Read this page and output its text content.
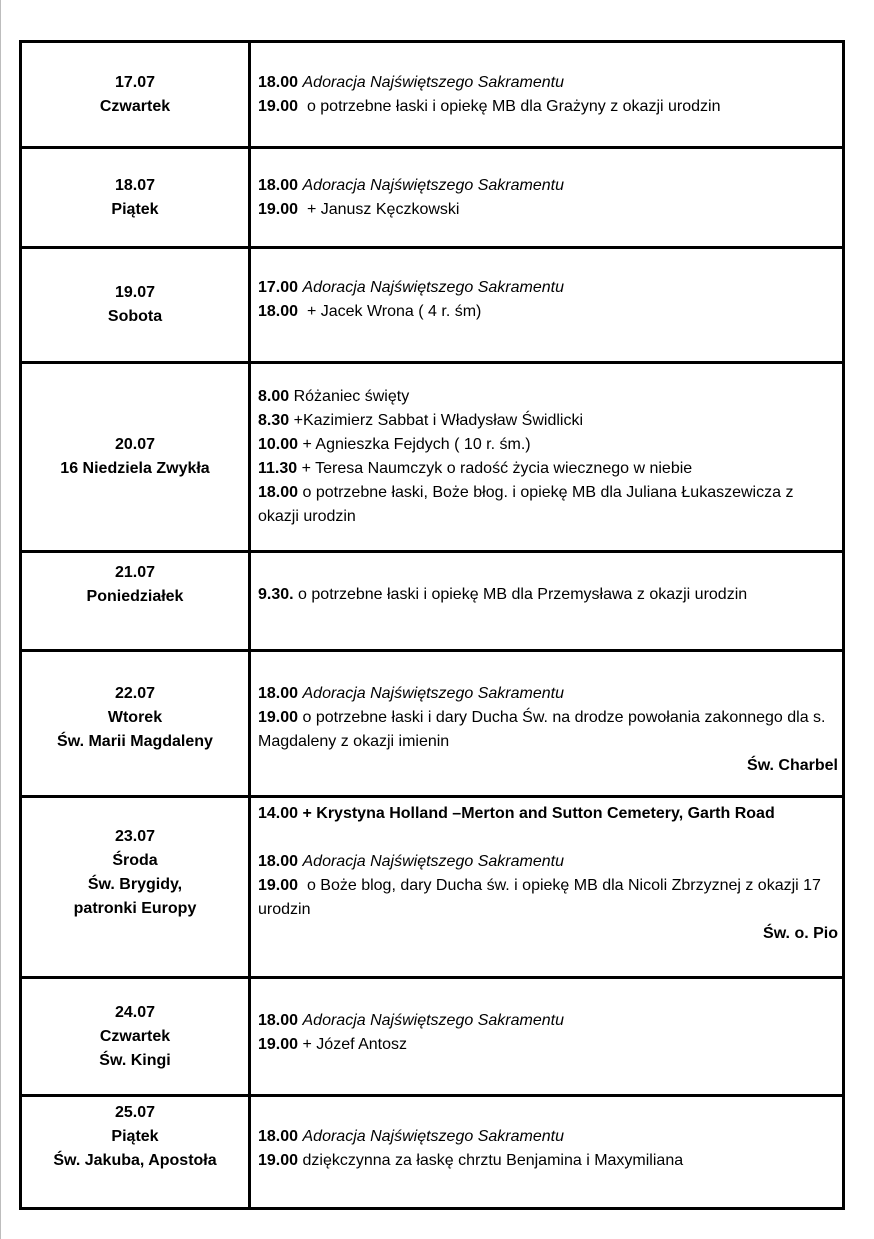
17.07
Czwartek
18.00 Adoracja Najświętszego Sakramentu
19.00 o potrzebne łaski i opiekę MB dla Grażyny z okazji urodzin
18.07
Piątek
18.00 Adoracja Najświętszego Sakramentu
19.00 + Janusz Kęczkowski
19.07
Sobota
17.00 Adoracja Najświętszego Sakramentu
18.00 + Jacek Wrona ( 4 r. śm)
20.07
16 Niedziela Zwykła
8.00 Różaniec święty
8.30 +Kazimierz Sabbat i Władysław Świdlicki
10.00 + Agnieszka Fejdych ( 10 r. śm.)
11.30 + Teresa Naumczyk o radość życia wiecznego w niebie
18.00 o potrzebne łaski, Boże błog. i opiekę MB dla Juliana Łukaszewicza z okazji urodzin
21.07
Poniedziałek	9.30. o potrzebne łaski i opiekę MB dla Przemysława z okazji urodzin
22.07
Wtorek
Św. Marii Magdaleny
18.00 Adoracja Najświętszego Sakramentu
19.00 o potrzebne łaski i dary Ducha Św. na drodze powołania zakonnego dla s. Magdaleny z okazji imienin
Św. Charbel
23.07
Środa
Św. Brygidy,
patronki Europy
14.00 + Krystyna Holland –Merton and Sutton Cemetery, Garth Road
18.00 Adoracja Najświętszego Sakramentu
19.00 o Boże blog, dary Ducha św. i opiekę MB dla Nicoli Zbrzyznej z okazji 17 urodzin
Św. o. Pio
24.07
Czwartek
Św. Kingi
18.00 Adoracja Najświętszego Sakramentu
19.00 + Józef Antosz
25.07
Piątek
Św. Jakuba, Apostoła
18.00 Adoracja Najświętszego Sakramentu
19.00 dziękczynna za łaskę chrztu Benjamina i Maxymiliana
